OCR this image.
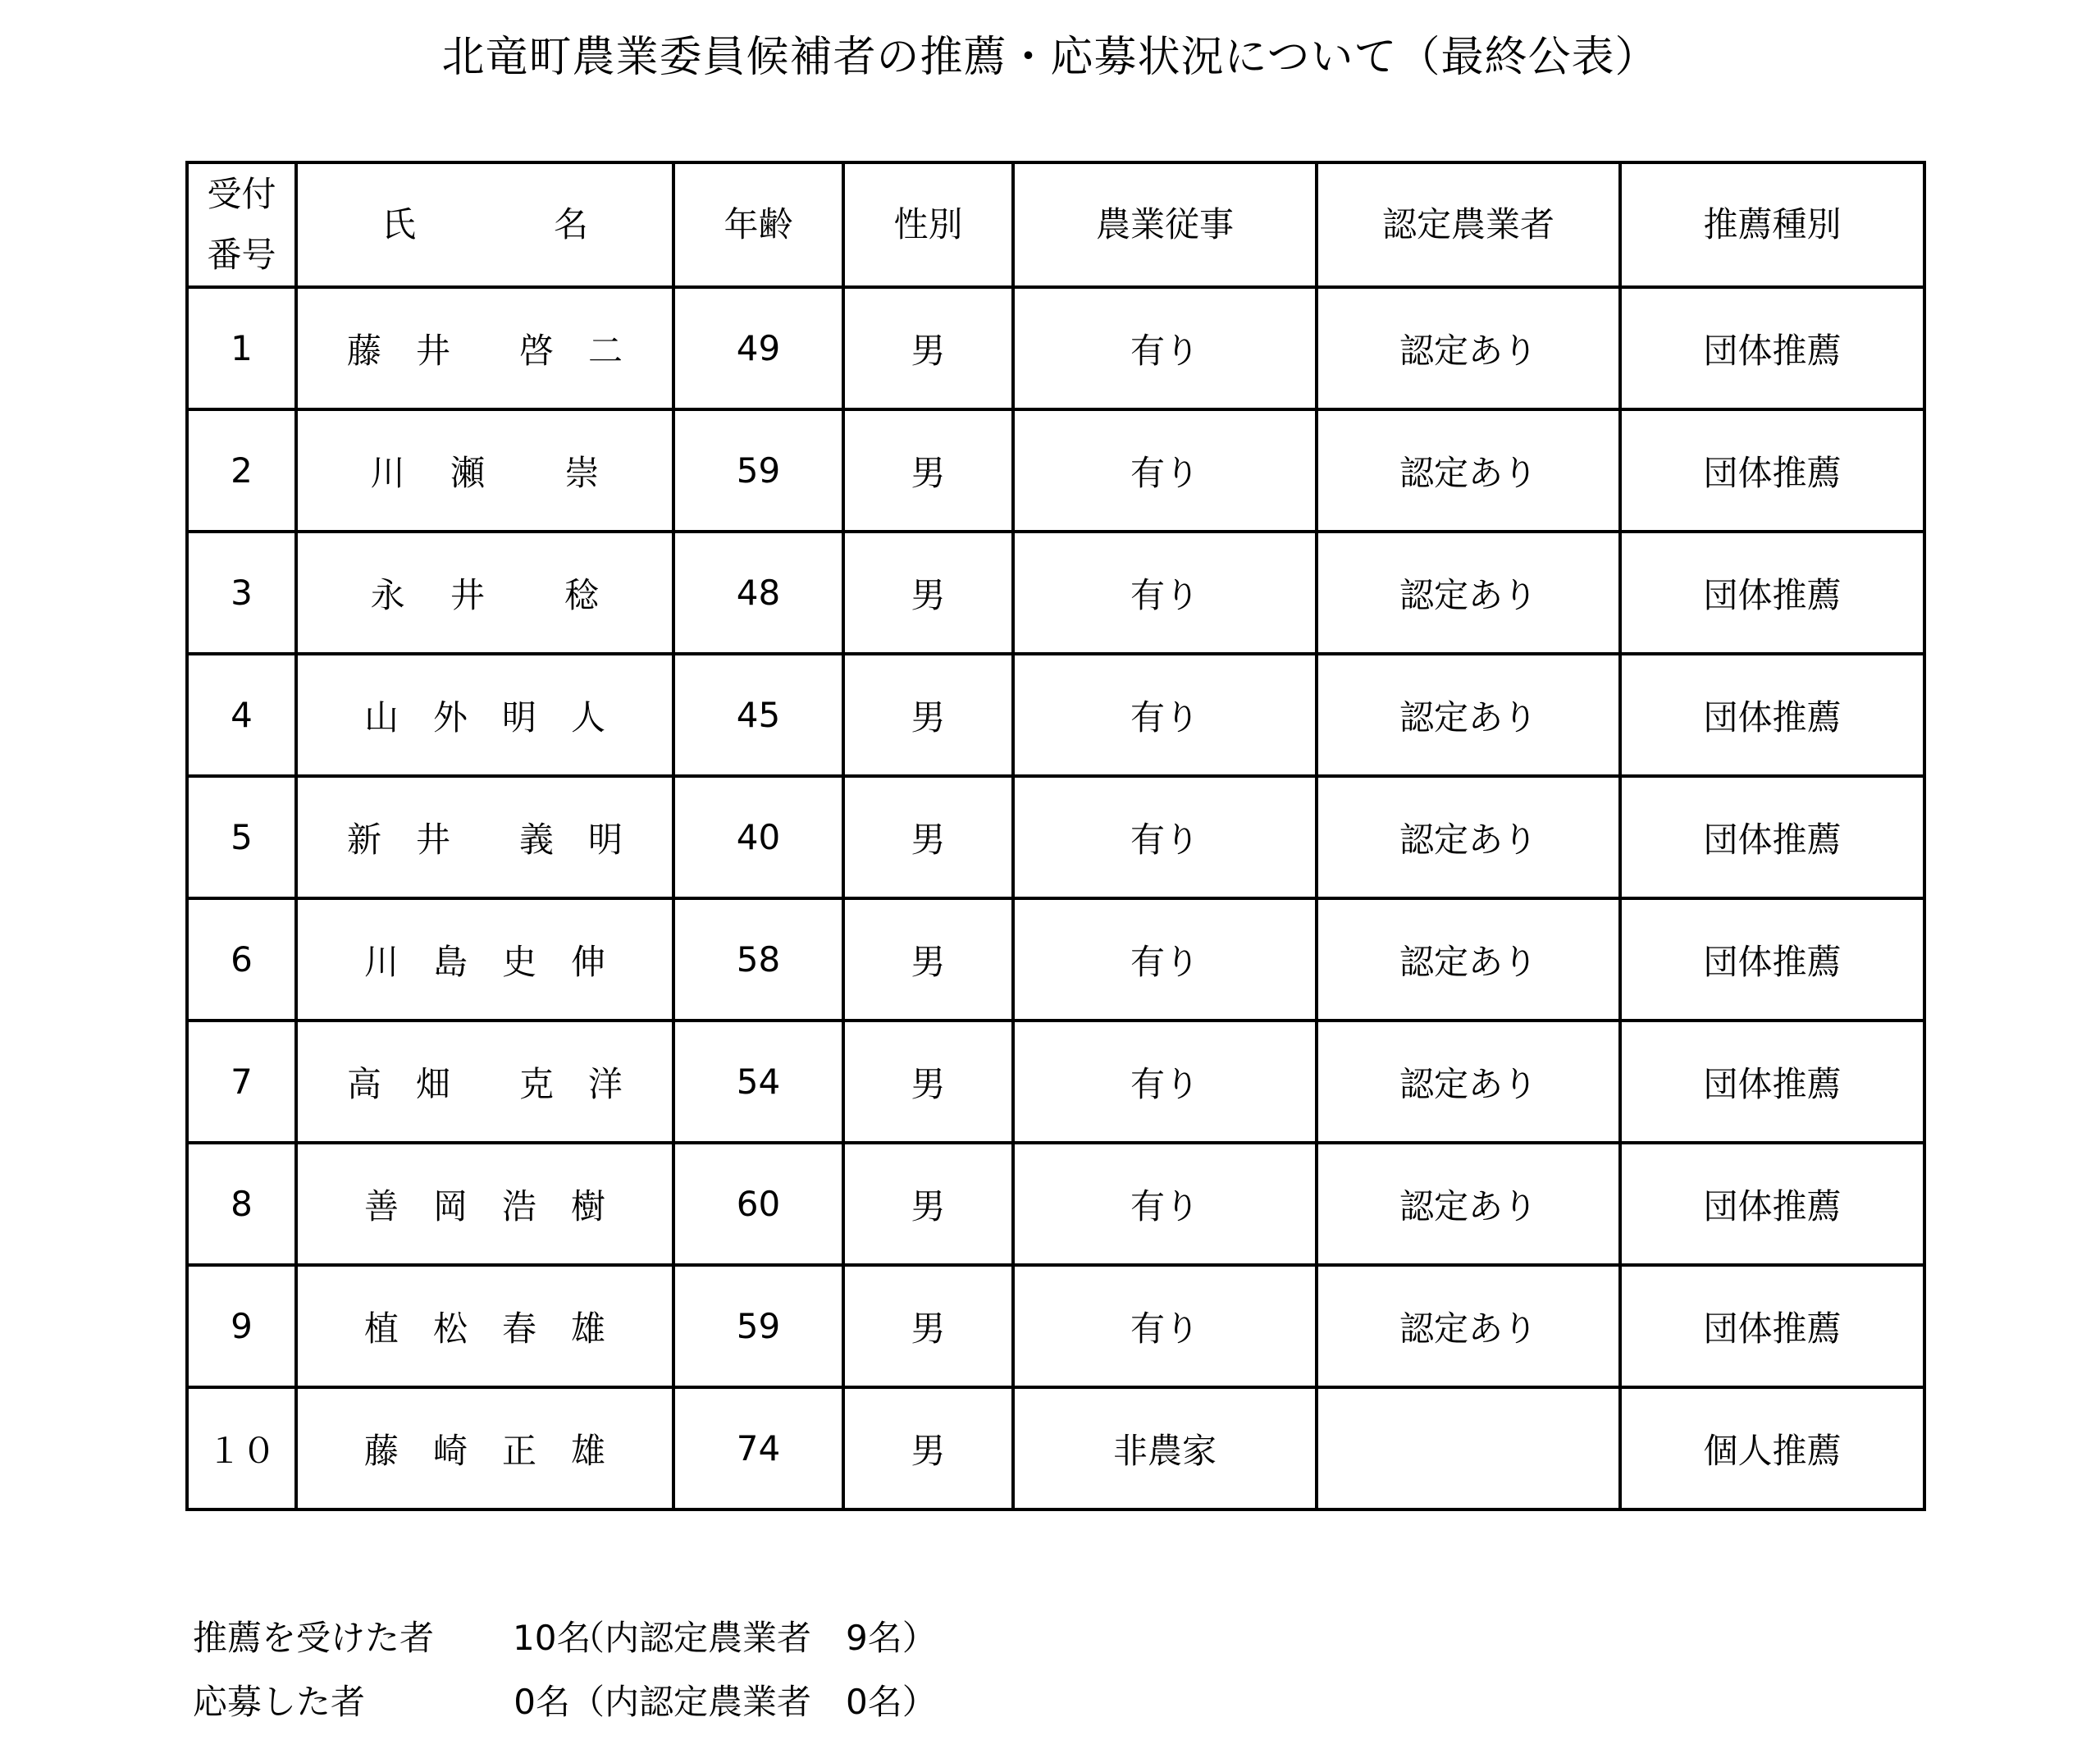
北竜町農業委員候補者の推薦・応募状況について（最終公表）
受付
番号	氏　　　　名	年齢	性別	農業従事	認定農業者	推薦種別
1	藤　井　　啓　二	49	男	有り	認定あり	団体推薦
2	川　 瀬　　 崇	59	男	有り	認定あり	団体推薦
3	永　 井　　 稔	48	男	有り	認定あり	団体推薦
4	山　外　明　人	45	男	有り	認定あり	団体推薦
5	新　井　　義　明	40	男	有り	認定あり	団体推薦
6	川　島　史　伸	58	男	有り	認定あり	団体推薦
7	高　畑　　克　洋	54	男	有り	認定あり	団体推薦
8	善　岡　浩　樹	60	男	有り	認定あり	団体推薦
9	植　松　春　雄	59	男	有り	認定あり	団体推薦
１０	藤　崎　正　雄	74	男	非農家		個人推薦
推薦を受けた者 10名（内認定農業者　9名）
応募した者	0名（内認定農業者　0名）
